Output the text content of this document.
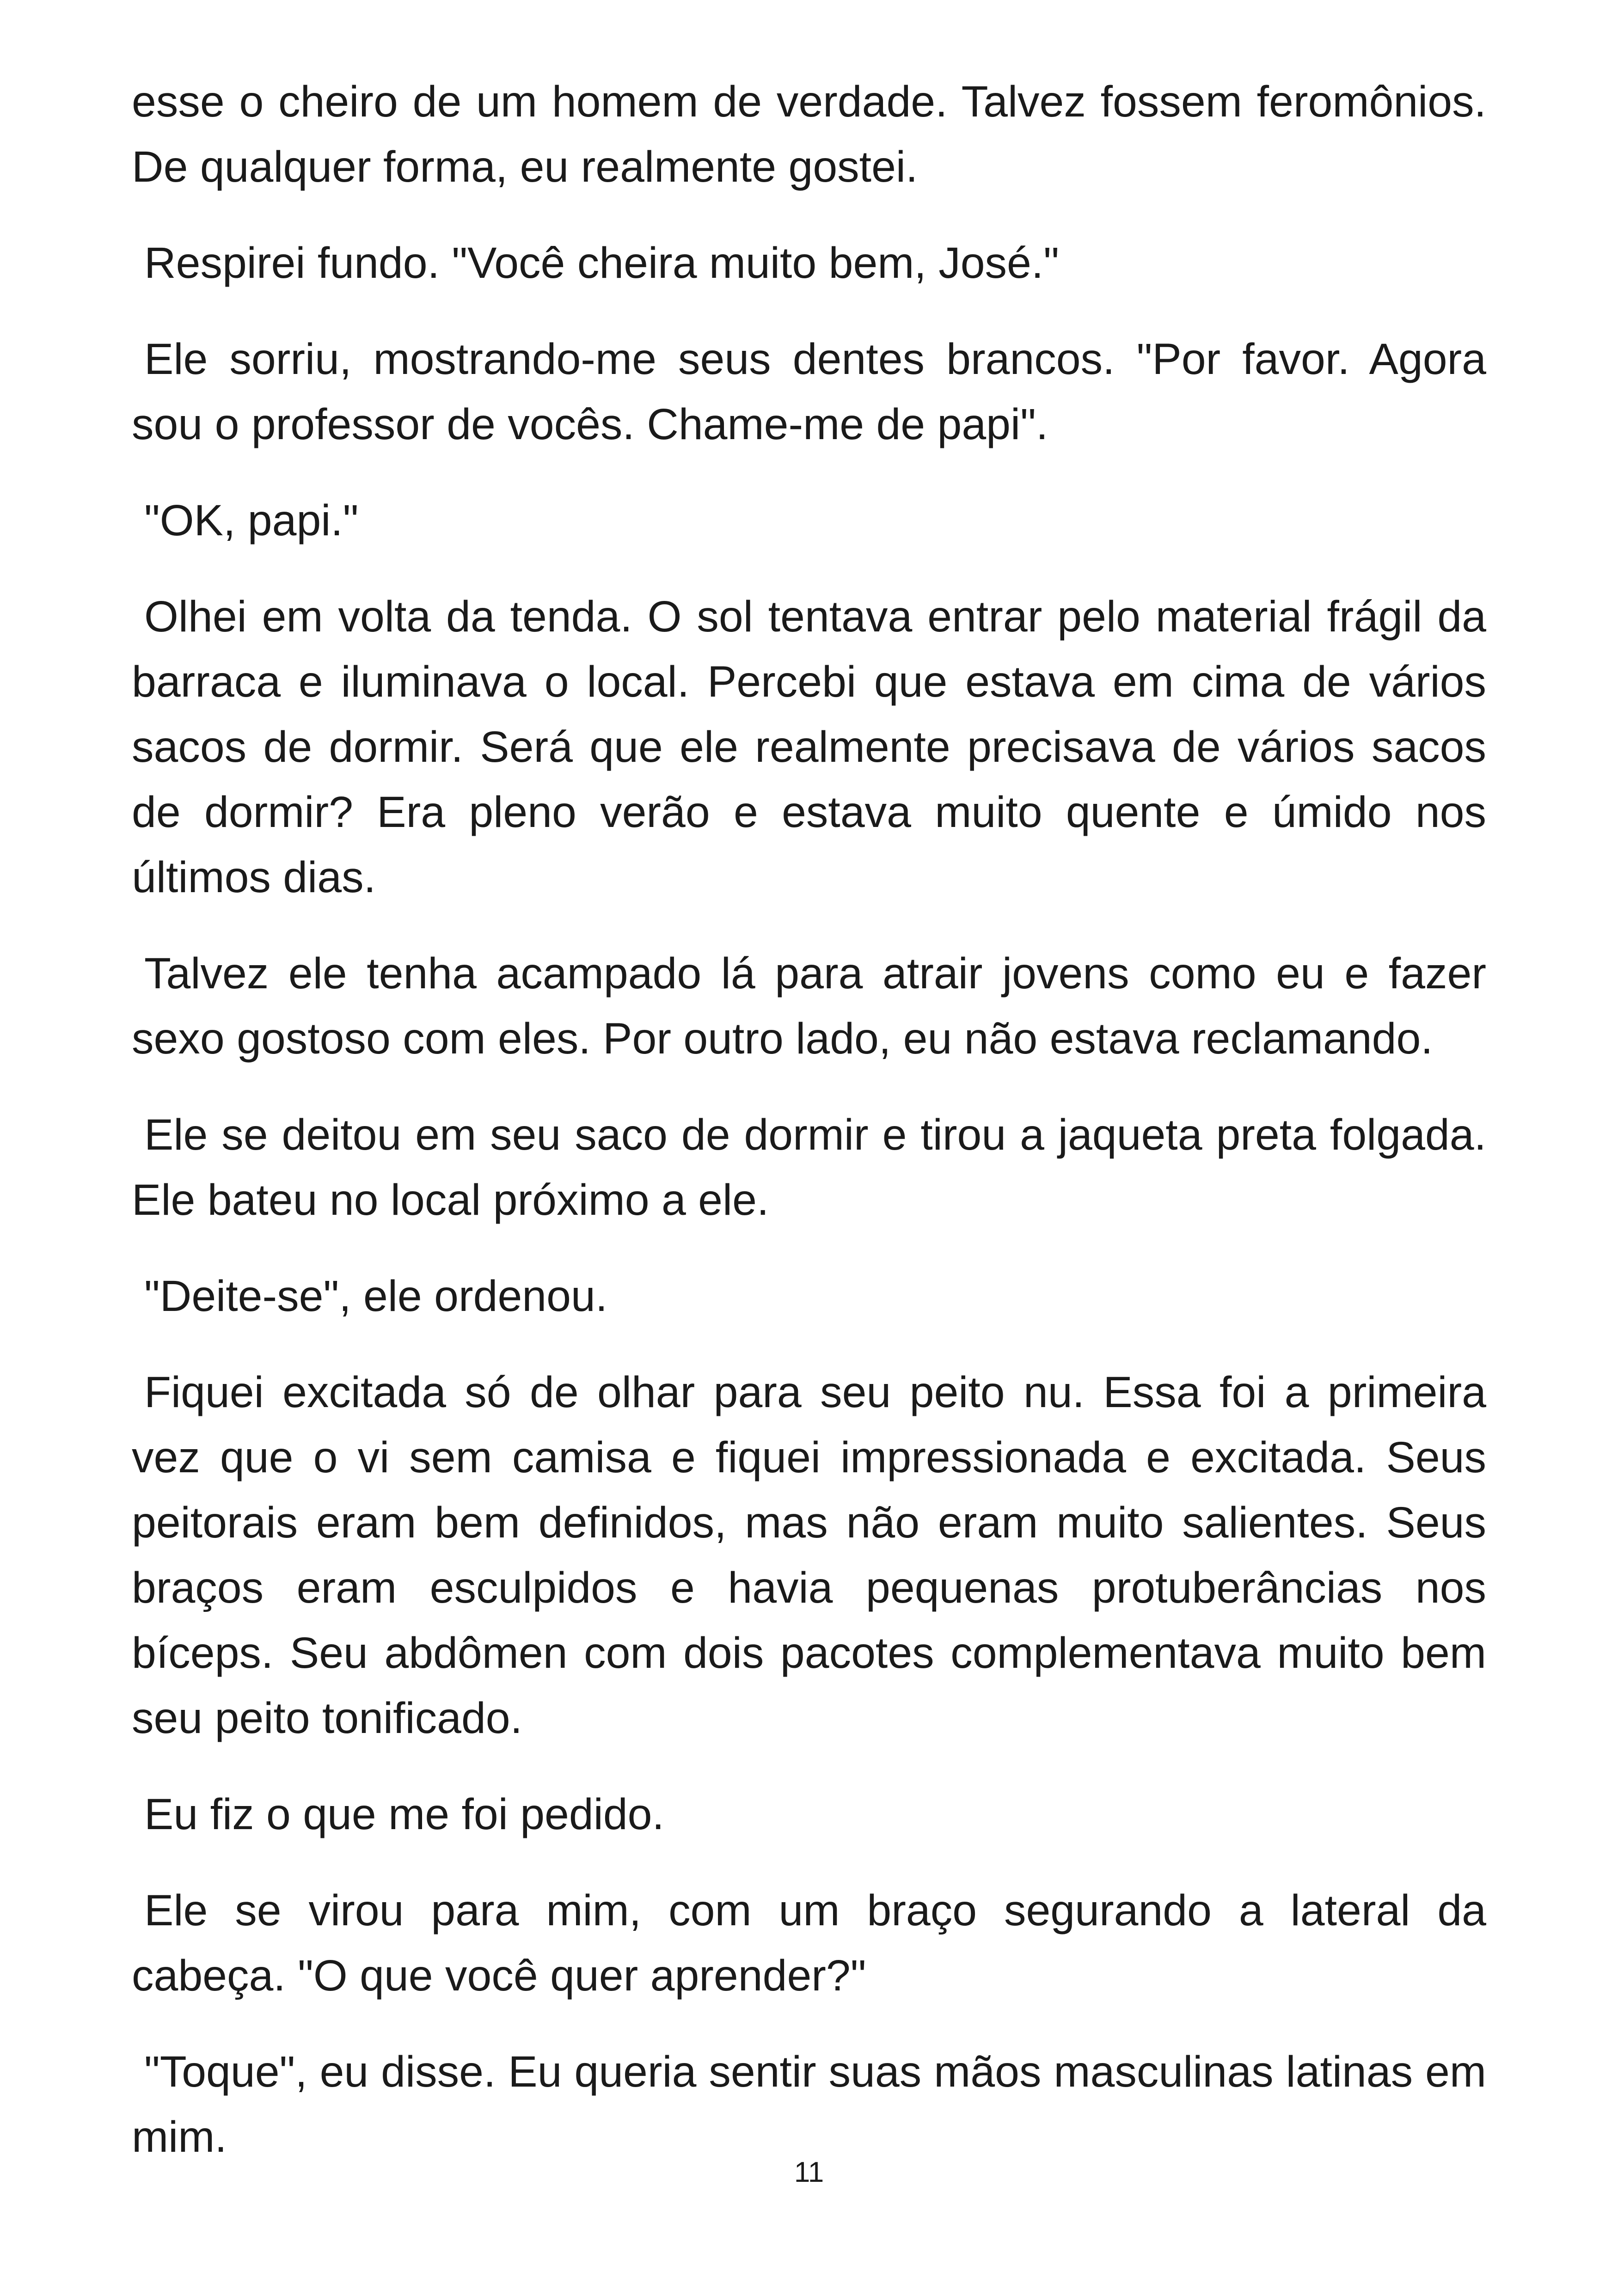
esse o cheiro de um homem de verdade. Talvez fossem feromônios. De qualquer forma, eu realmente gostei.

Respirei fundo. "Você cheira muito bem, José."

Ele sorriu, mostrando-me seus dentes brancos. "Por favor. Agora sou o professor de vocês. Chame-me de papi".

"OK, papi."

Olhei em volta da tenda. O sol tentava entrar pelo material frágil da barraca e iluminava o local. Percebi que estava em cima de vários sacos de dormir. Será que ele realmente precisava de vários sacos de dormir? Era pleno verão e estava muito quente e úmido nos últimos dias.

Talvez ele tenha acampado lá para atrair jovens como eu e fazer sexo gostoso com eles. Por outro lado, eu não estava reclamando.

Ele se deitou em seu saco de dormir e tirou a jaqueta preta folgada. Ele bateu no local próximo a ele.

"Deite-se", ele ordenou.

Fiquei excitada só de olhar para seu peito nu. Essa foi a primeira vez que o vi sem camisa e fiquei impressionada e excitada. Seus peitorais eram bem definidos, mas não eram muito salientes. Seus braços eram esculpidos e havia pequenas protuberâncias nos bíceps. Seu abdômen com dois pacotes complementava muito bem seu peito tonificado.

Eu fiz o que me foi pedido.

Ele se virou para mim, com um braço segurando a lateral da cabeça. "O que você quer aprender?"

"Toque", eu disse. Eu queria sentir suas mãos masculinas latinas em mim.

11
